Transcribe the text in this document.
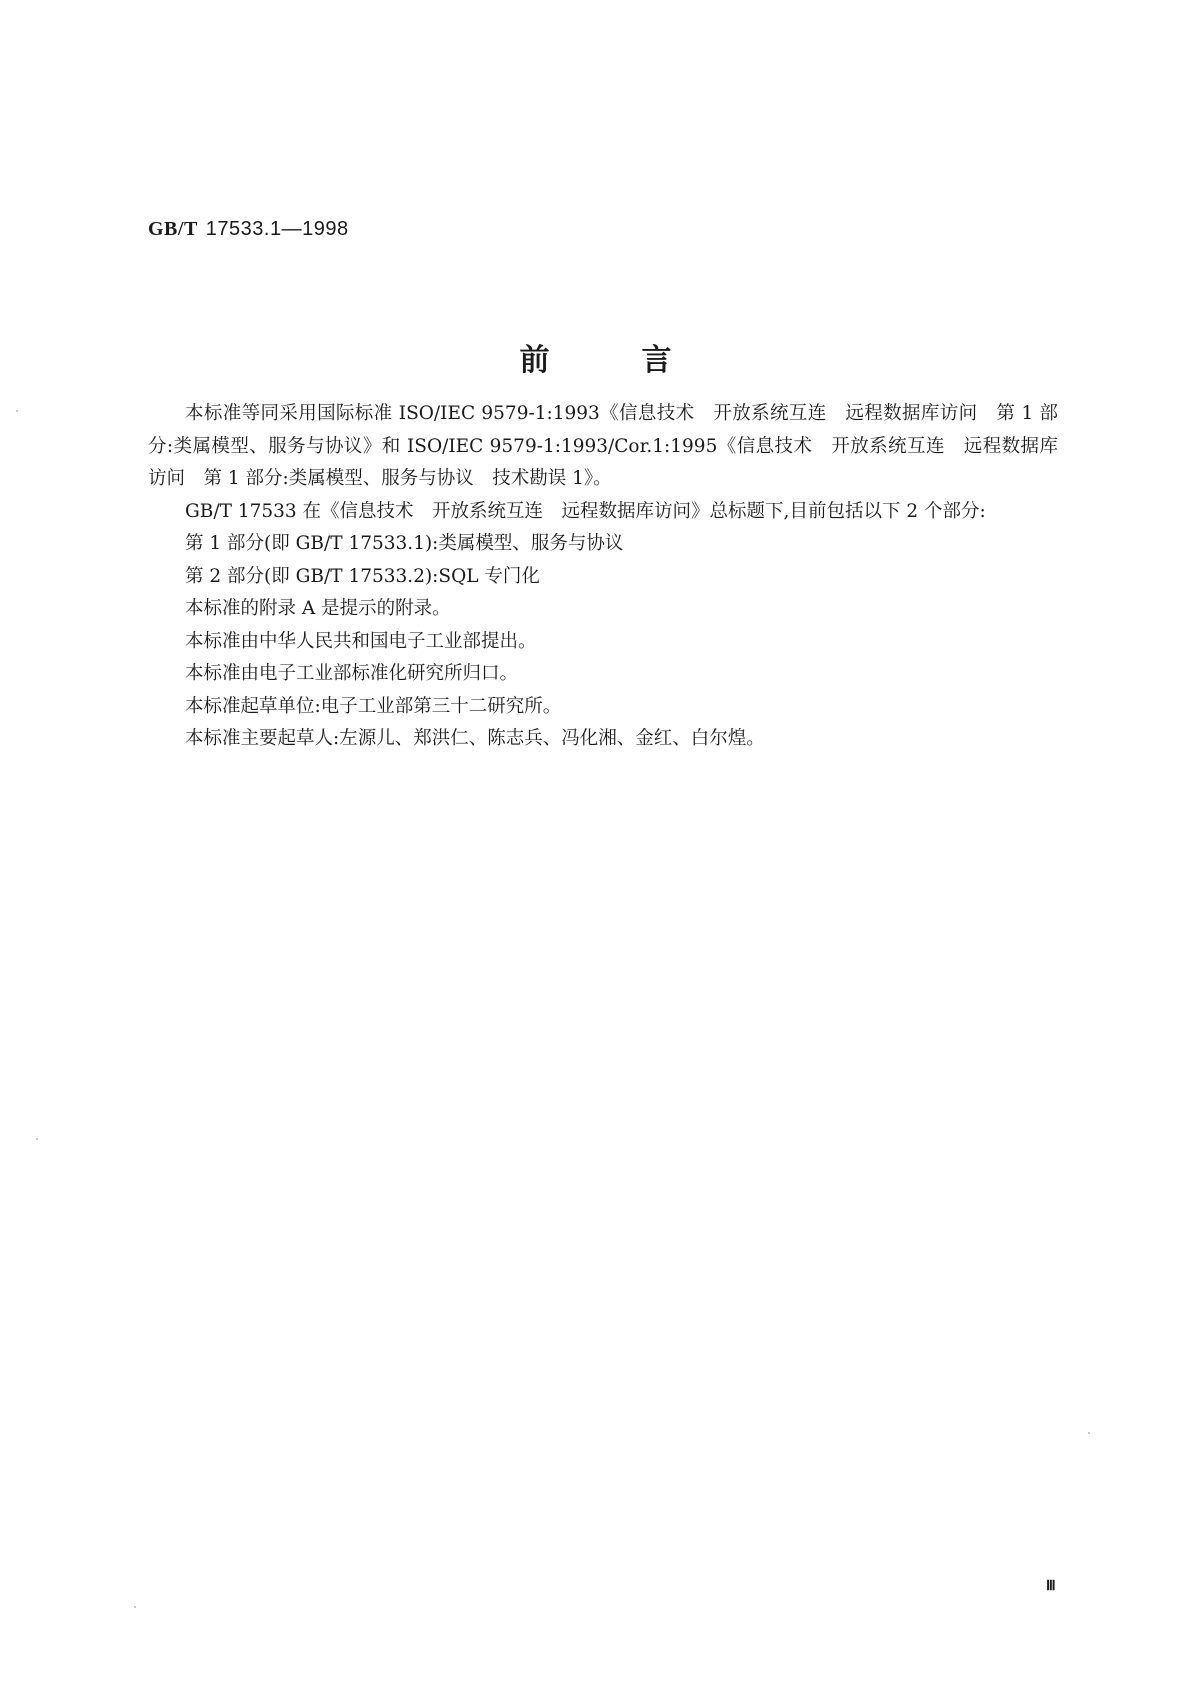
GB/T 17533.1—1998
前言

本标准等同采用国际标准 ISO/IEC 9579-1:1993《信息技术　开放系统互连　远程数据库访问　第 1 部分:类属模型、服务与协议》和 ISO/IEC 9579-1:1993/Cor.1:1995《信息技术　开放系统互连　远程数据库访问　第 1 部分:类属模型、服务与协议　技术勘误 1》。

GB/T 17533 在《信息技术　开放系统互连　远程数据库访问》总标题下,目前包括以下 2 个部分:

第 1 部分(即 GB/T 17533.1):类属模型、服务与协议

第 2 部分(即 GB/T 17533.2):SQL 专门化

本标准的附录 A 是提示的附录。

本标准由中华人民共和国电子工业部提出。

本标准由电子工业部标准化研究所归口。

本标准起草单位:电子工业部第三十二研究所。

本标准主要起草人:左源儿、郑洪仁、陈志兵、冯化湘、金红、白尔煌。

Ⅲ
